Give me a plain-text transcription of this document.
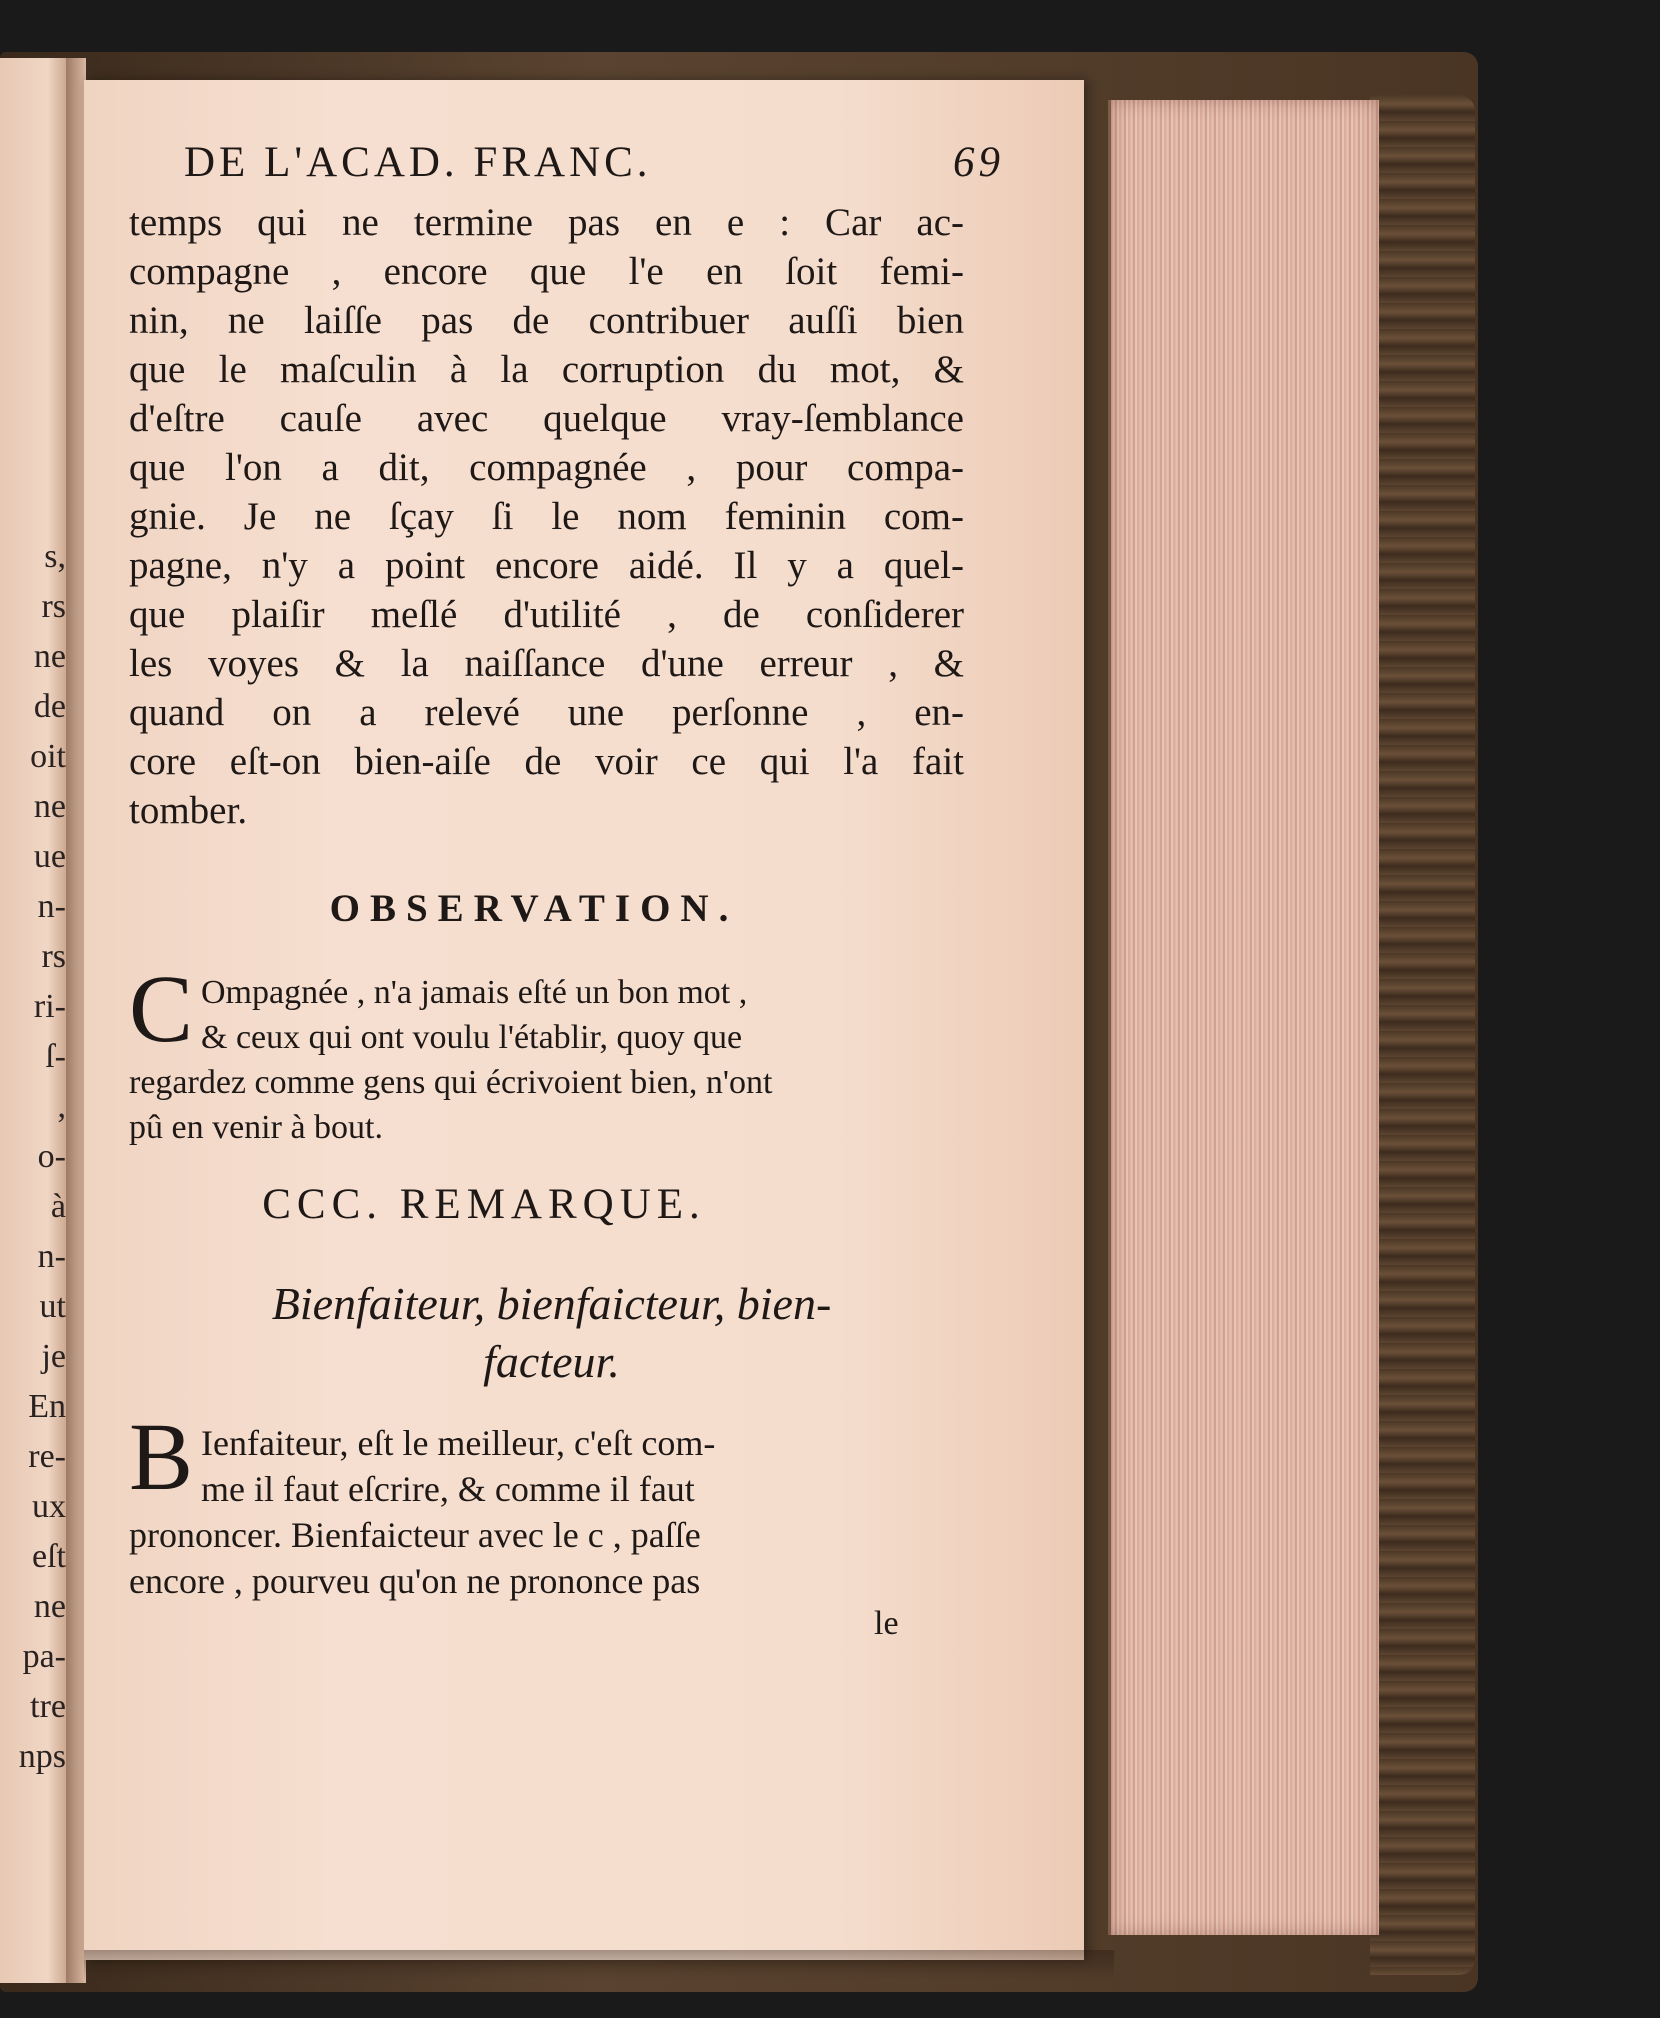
s,
rs
ne
de
oit
ne
ue
n-
rs
ri-
ſ-
,
o-
à
n-
ut
je
En
re-
ux
eſt
ne
pa-
tre
nps
DE L'ACAD. FRANC.	69
temps qui ne termine pas en e : Car ac-
compagne , encore que l'e en ſoit femi-
nin, ne laiſſe pas de contribuer auſſi bien
que le maſculin à la corruption du mot, &
d'eſtre cauſe avec quelque vray-ſemblance
que l'on a dit, compagnée , pour compa-
gnie. Je ne ſçay ſi le nom feminin com-
pagne, n'y a point encore aidé. Il y a quel-
que plaiſir meſlé d'utilité , de conſiderer
les voyes & la naiſſance d'une erreur , &
quand on a relevé une perſonne , en-
core eſt-on bien-aiſe de voir ce qui l'a fait
tomber.
OBSERVATION.
C Ompagnée , n'a jamais eſté un bon mot ,
& ceux qui ont voulu l'établir, quoy que
regardez comme gens qui écrivoient bien, n'ont
pû en venir à bout.
CCC. REMARQUE.
Bienfaiteur, bienfaicteur, bien-
facteur.
B Ienfaiteur, eſt le meilleur, c'eſt com-
me il faut eſcrire, & comme il faut
prononcer. Bienfaicteur avec le c , paſſe
encore , pourveu qu'on ne prononce pas
le
